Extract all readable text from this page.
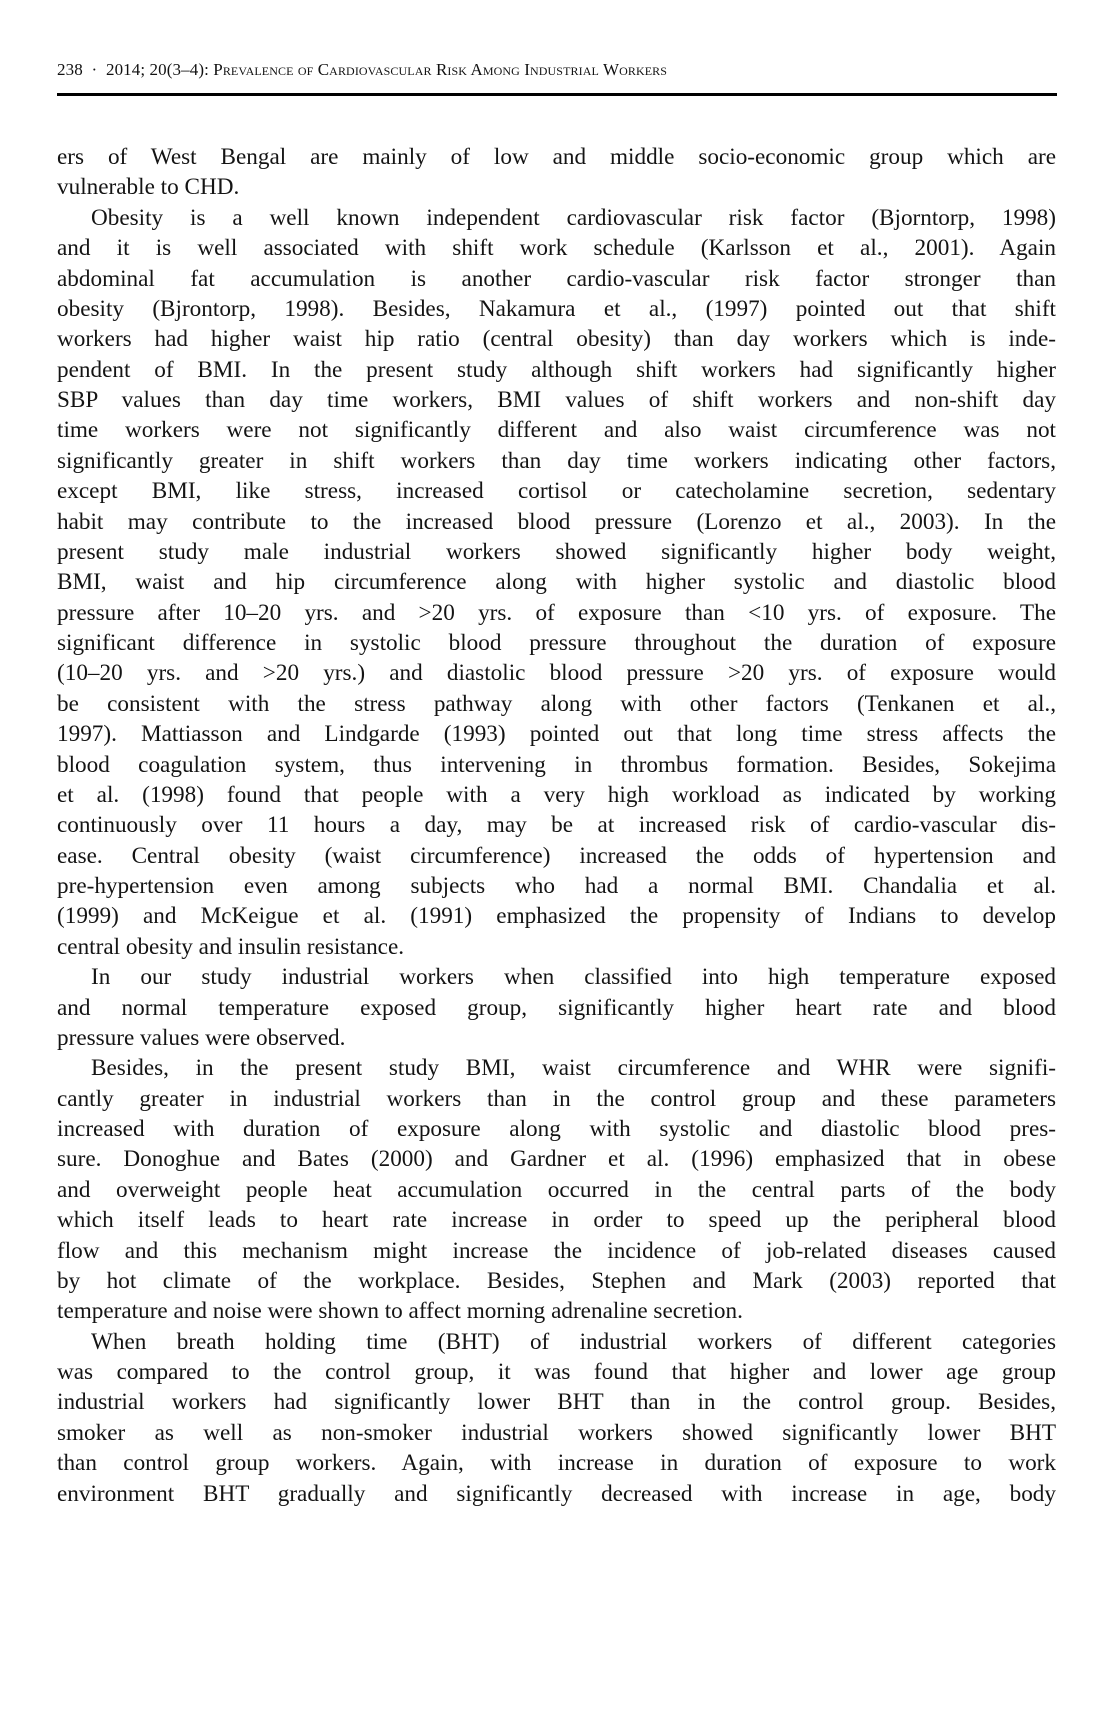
238 · 2014; 20(3–4): Prevalence of Cardiovascular Risk Among Industrial Workers
ers of West Bengal are mainly of low and middle socio-economic group which are
vulnerable to CHD.
Obesity is a well known independent cardiovascular risk factor (Bjorntorp, 1998)
and it is well associated with shift work schedule (Karlsson et al., 2001). Again
abdominal fat accumulation is another cardio-vascular risk factor stronger than
obesity (Bjrontorp, 1998). Besides, Nakamura et al., (1997) pointed out that shift
workers had higher waist hip ratio (central obesity) than day workers which is inde-
pendent of BMI. In the present study although shift workers had significantly higher
SBP values than day time workers, BMI values of shift workers and non-shift day
time workers were not significantly different and also waist circumference was not
significantly greater in shift workers than day time workers indicating other factors,
except BMI, like stress, increased cortisol or catecholamine secretion, sedentary
habit may contribute to the increased blood pressure (Lorenzo et al., 2003). In the
present study male industrial workers showed significantly higher body weight,
BMI, waist and hip circumference along with higher systolic and diastolic blood
pressure after 10–20 yrs. and >20 yrs. of exposure than <10 yrs. of exposure. The
significant difference in systolic blood pressure throughout the duration of exposure
(10–20 yrs. and >20 yrs.) and diastolic blood pressure >20 yrs. of exposure would
be consistent with the stress pathway along with other factors (Tenkanen et al.,
1997). Mattiasson and Lindgarde (1993) pointed out that long time stress affects the
blood coagulation system, thus intervening in thrombus formation. Besides, Sokejima
et al. (1998) found that people with a very high workload as indicated by working
continuously over 11 hours a day, may be at increased risk of cardio-vascular dis-
ease. Central obesity (waist circumference) increased the odds of hypertension and
pre-hypertension even among subjects who had a normal BMI. Chandalia et al.
(1999) and McKeigue et al. (1991) emphasized the propensity of Indians to develop
central obesity and insulin resistance.
In our study industrial workers when classified into high temperature exposed
and normal temperature exposed group, significantly higher heart rate and blood
pressure values were observed.
Besides, in the present study BMI, waist circumference and WHR were signifi-
cantly greater in industrial workers than in the control group and these parameters
increased with duration of exposure along with systolic and diastolic blood pres-
sure. Donoghue and Bates (2000) and Gardner et al. (1996) emphasized that in obese
and overweight people heat accumulation occurred in the central parts of the body
which itself leads to heart rate increase in order to speed up the peripheral blood
flow and this mechanism might increase the incidence of job-related diseases caused
by hot climate of the workplace. Besides, Stephen and Mark (2003) reported that
temperature and noise were shown to affect morning adrenaline secretion.
When breath holding time (BHT) of industrial workers of different categories
was compared to the control group, it was found that higher and lower age group
industrial workers had significantly lower BHT than in the control group. Besides,
smoker as well as non-smoker industrial workers showed significantly lower BHT
than control group workers. Again, with increase in duration of exposure to work
environment BHT gradually and significantly decreased with increase in age, body
